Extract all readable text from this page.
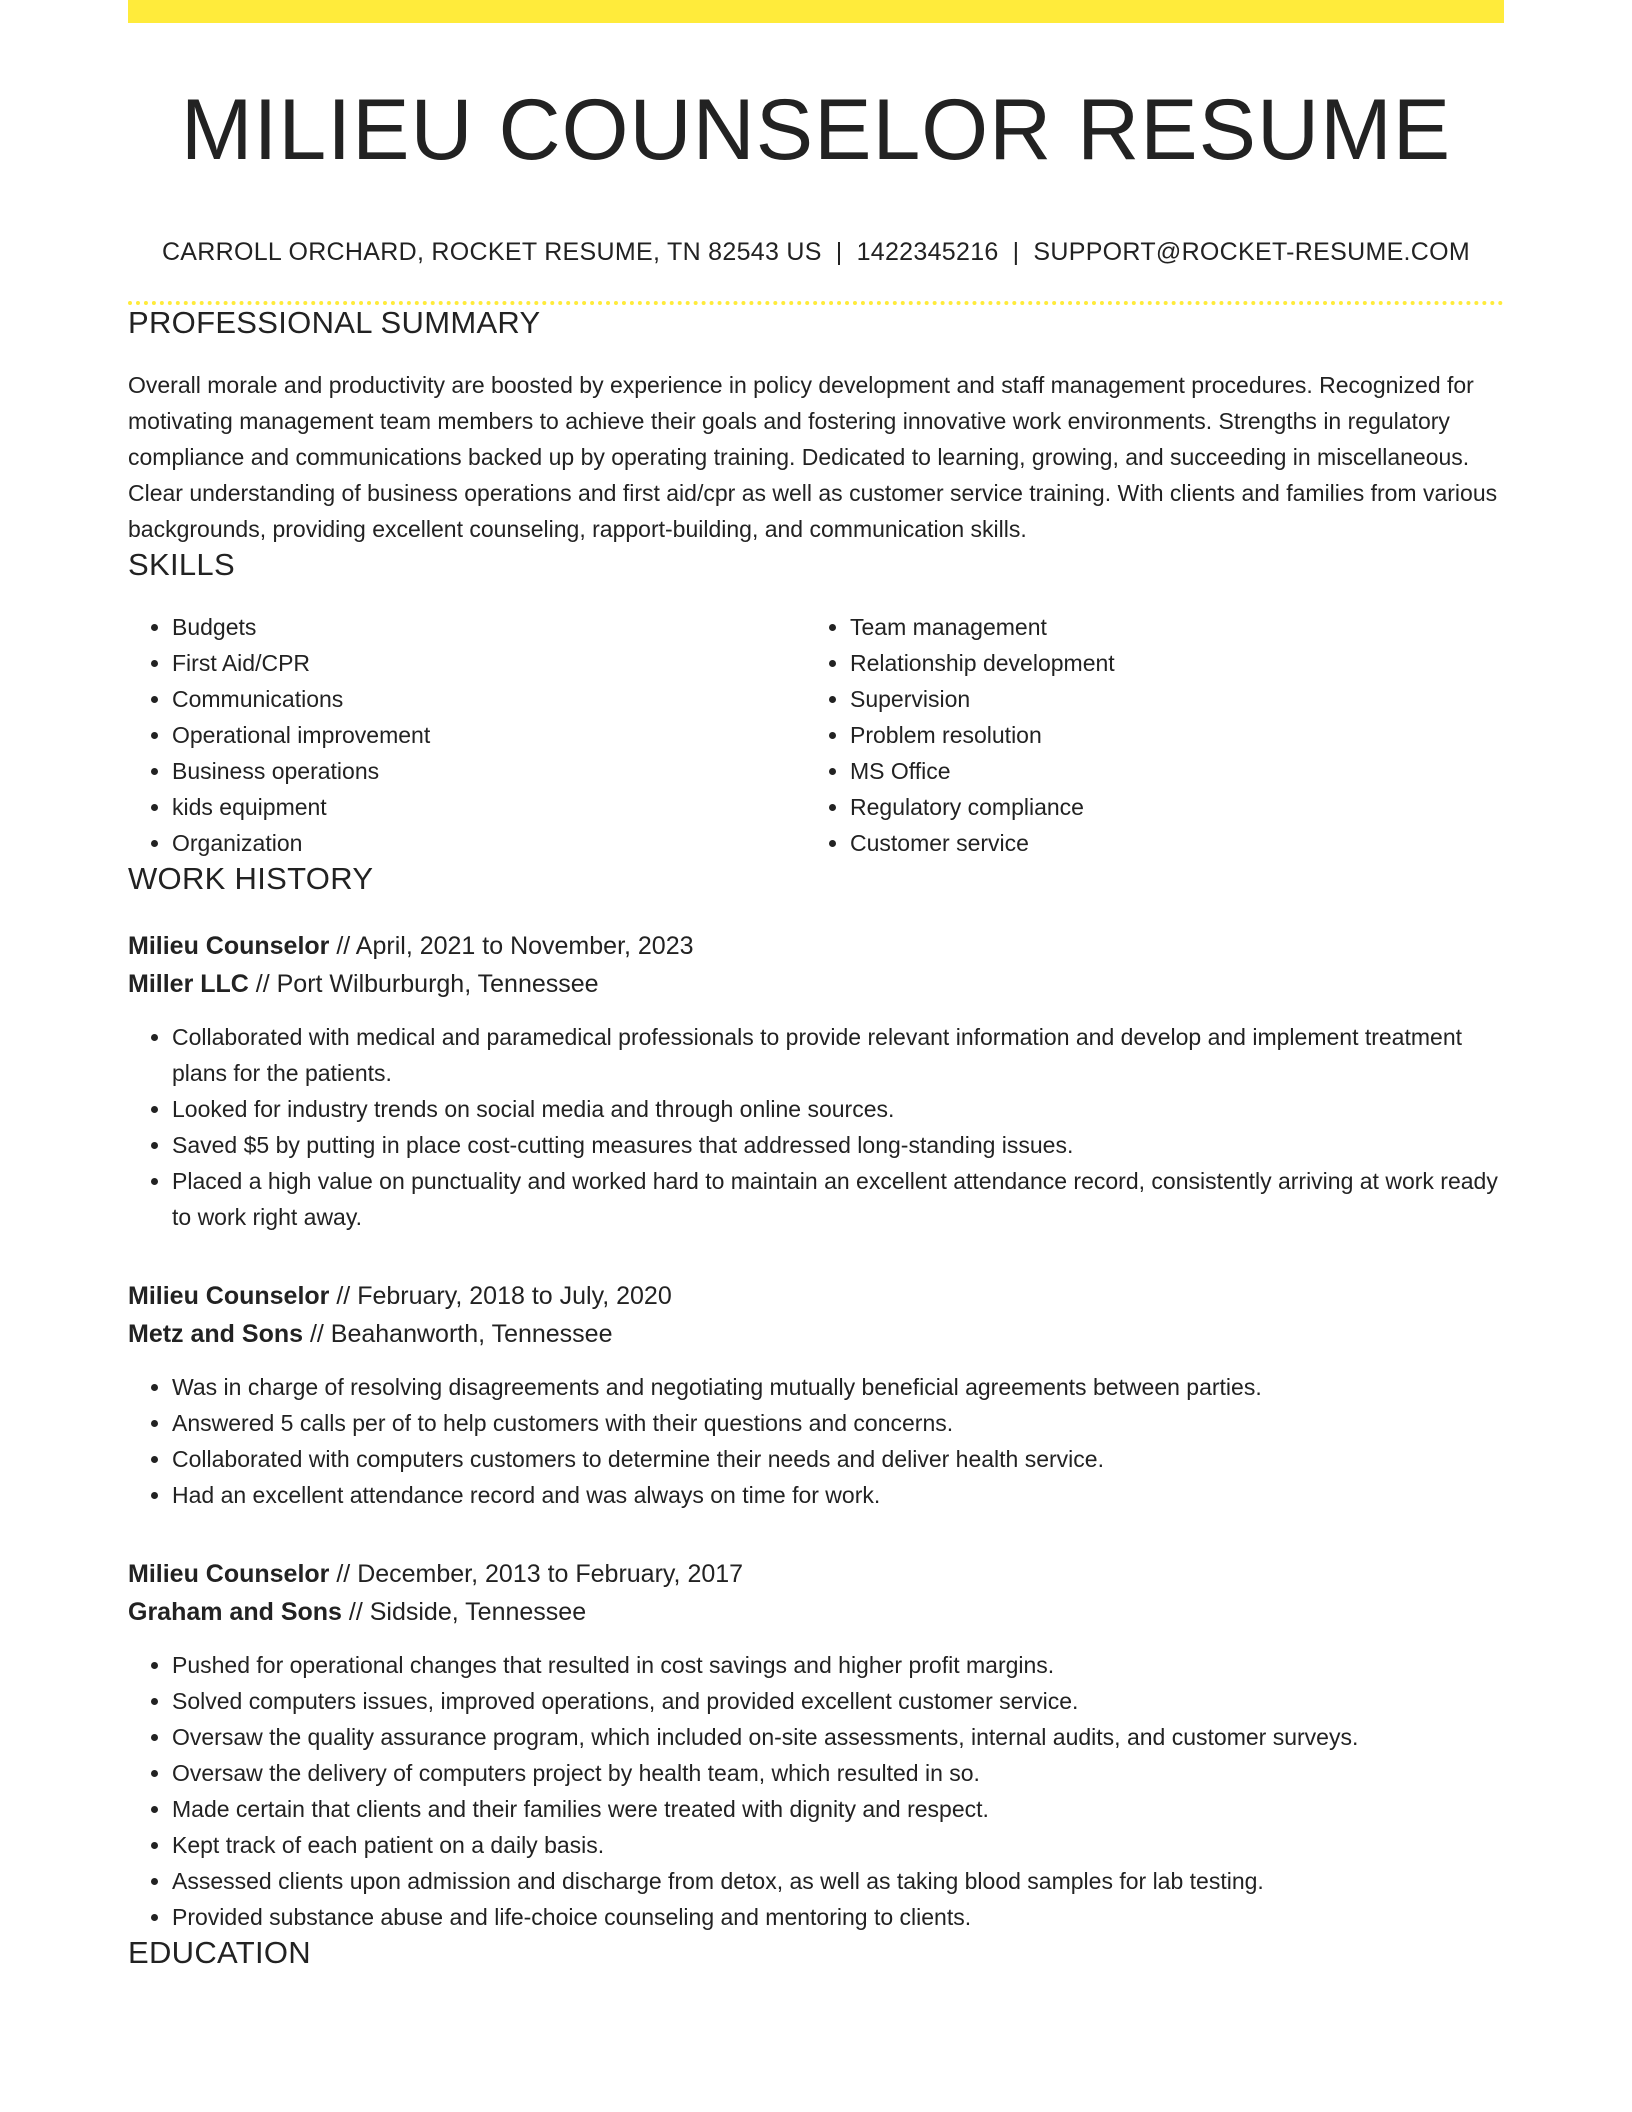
MILIEU COUNSELOR RESUME
CARROLL ORCHARD, ROCKET RESUME, TN 82543 US | 1422345216 | SUPPORT@ROCKET-RESUME.COM
PROFESSIONAL SUMMARY

Overall morale and productivity are boosted by experience in policy development and staff management procedures. Recognized for motivating management team members to achieve their goals and fostering innovative work environments. Strengths in regulatory compliance and communications backed up by operating training. Dedicated to learning, growing, and succeeding in miscellaneous. Clear understanding of business operations and first aid/cpr as well as customer service training. With clients and families from various backgrounds, providing excellent counseling, rapport-building, and communication skills.

SKILLS
• Budgets
• First Aid/CPR
• Communications
• Operational improvement
• Business operations
• kids equipment
• Organization
• Team management
• Relationship development
• Supervision
• Problem resolution
• MS Office
• Regulatory compliance
• Customer service
WORK HISTORY
Milieu Counselor // April, 2021 to November, 2023
Miller LLC // Port Wilburburgh, Tennessee
• Collaborated with medical and paramedical professionals to provide relevant information and develop and implement treatment plans for the patients.
• Looked for industry trends on social media and through online sources.
• Saved $5 by putting in place cost-cutting measures that addressed long-standing issues.
• Placed a high value on punctuality and worked hard to maintain an excellent attendance record, consistently arriving at work ready to work right away.
Milieu Counselor // February, 2018 to July, 2020
Metz and Sons // Beahanworth, Tennessee
• Was in charge of resolving disagreements and negotiating mutually beneficial agreements between parties.
• Answered 5 calls per of to help customers with their questions and concerns.
• Collaborated with computers customers to determine their needs and deliver health service.
• Had an excellent attendance record and was always on time for work.
Milieu Counselor // December, 2013 to February, 2017
Graham and Sons // Sidside, Tennessee
• Pushed for operational changes that resulted in cost savings and higher profit margins.
• Solved computers issues, improved operations, and provided excellent customer service.
• Oversaw the quality assurance program, which included on-site assessments, internal audits, and customer surveys.
• Oversaw the delivery of computers project by health team, which resulted in so.
• Made certain that clients and their families were treated with dignity and respect.
• Kept track of each patient on a daily basis.
• Assessed clients upon admission and discharge from detox, as well as taking blood samples for lab testing.
• Provided substance abuse and life-choice counseling and mentoring to clients.
EDUCATION
